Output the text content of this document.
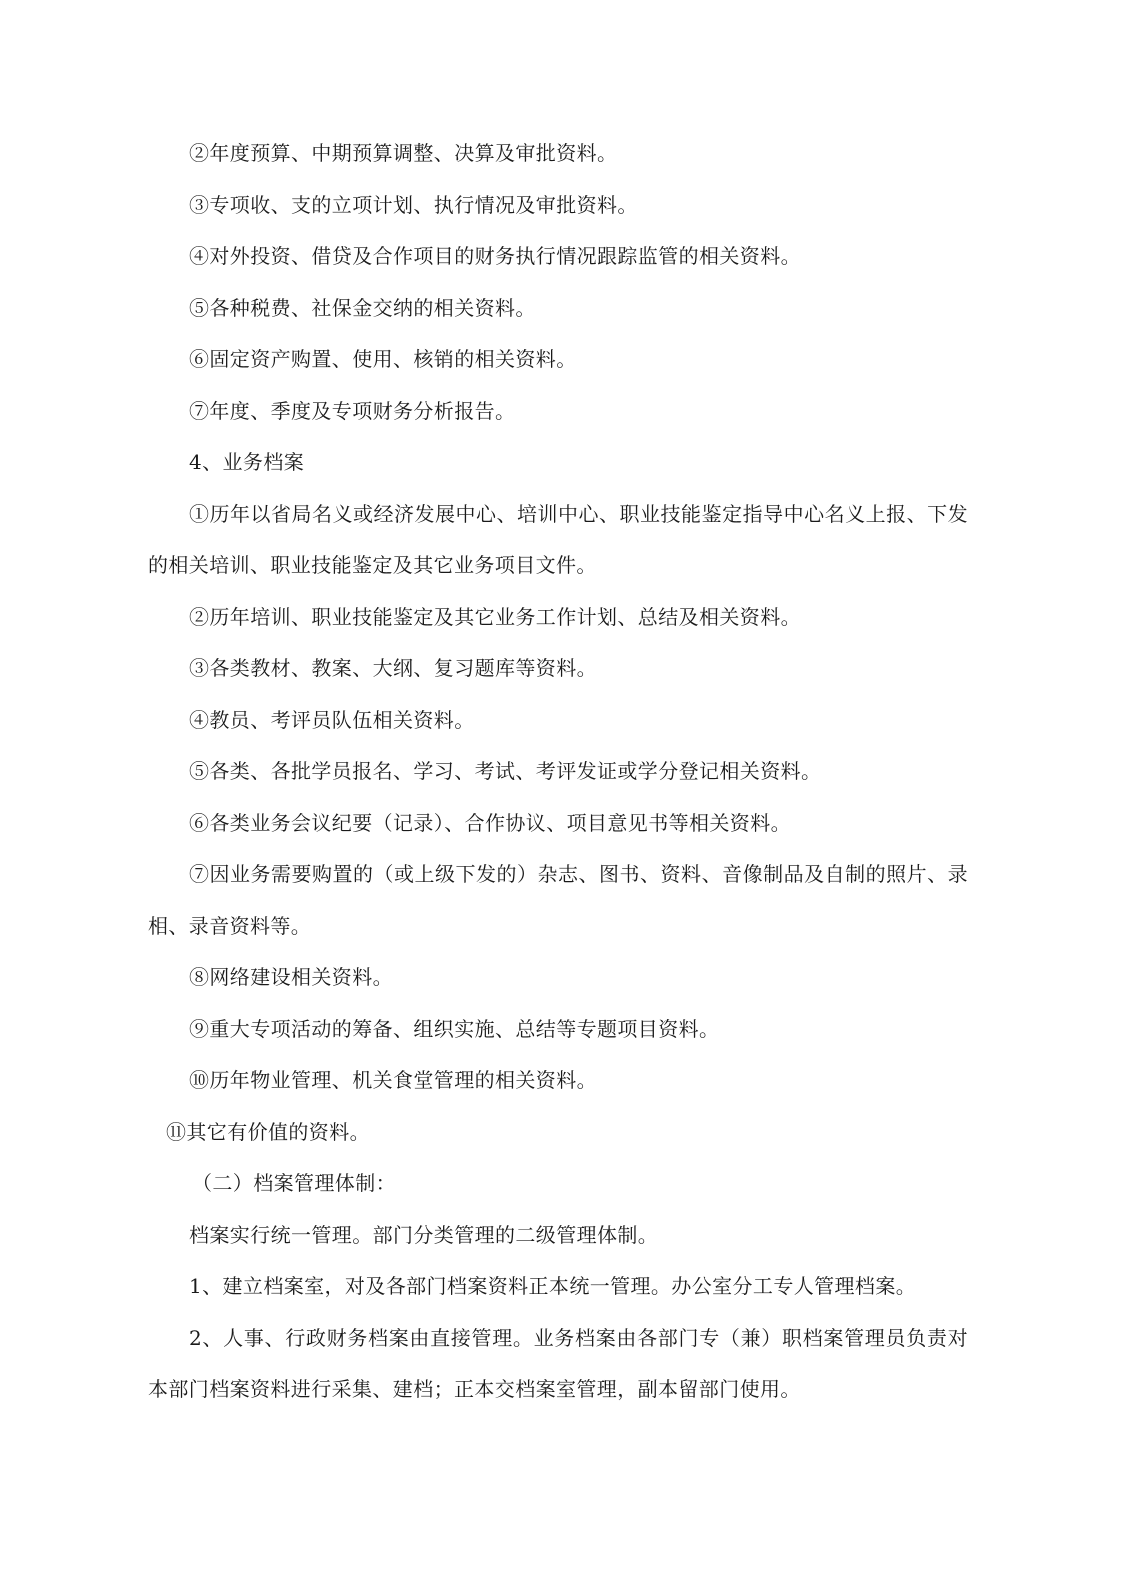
②年度预算、中期预算调整、决算及审批资料。

③专项收、支的立项计划、执行情况及审批资料。

④对外投资、借贷及合作项目的财务执行情况跟踪监管的相关资料。

⑤各种税费、社保金交纳的相关资料。

⑥固定资产购置、使用、核销的相关资料。

⑦年度、季度及专项财务分析报告。

4、业务档案

①历年以省局名义或经济发展中心、培训中心、职业技能鉴定指导中心名义上报、下发的相关培训、职业技能鉴定及其它业务项目文件。

②历年培训、职业技能鉴定及其它业务工作计划、总结及相关资料。

③各类教材、教案、大纲、复习题库等资料。

④教员、考评员队伍相关资料。

⑤各类、各批学员报名、学习、考试、考评发证或学分登记相关资料。

⑥各类业务会议纪要（记录）、合作协议、项目意见书等相关资料。

⑦因业务需要购置的（或上级下发的）杂志、图书、资料、音像制品及自制的照片、录相、录音资料等。

⑧网络建设相关资料。

⑨重大专项活动的筹备、组织实施、总结等专题项目资料。

⑩历年物业管理、机关食堂管理的相关资料。

⑪其它有价值的资料。

（二）档案管理体制：

档案实行统一管理。部门分类管理的二级管理体制。

1、建立档案室，对及各部门档案资料正本统一管理。办公室分工专人管理档案。

2、人事、行政财务档案由直接管理。业务档案由各部门专（兼）职档案管理员负责对本部门档案资料进行采集、建档；正本交档案室管理，副本留部门使用。
